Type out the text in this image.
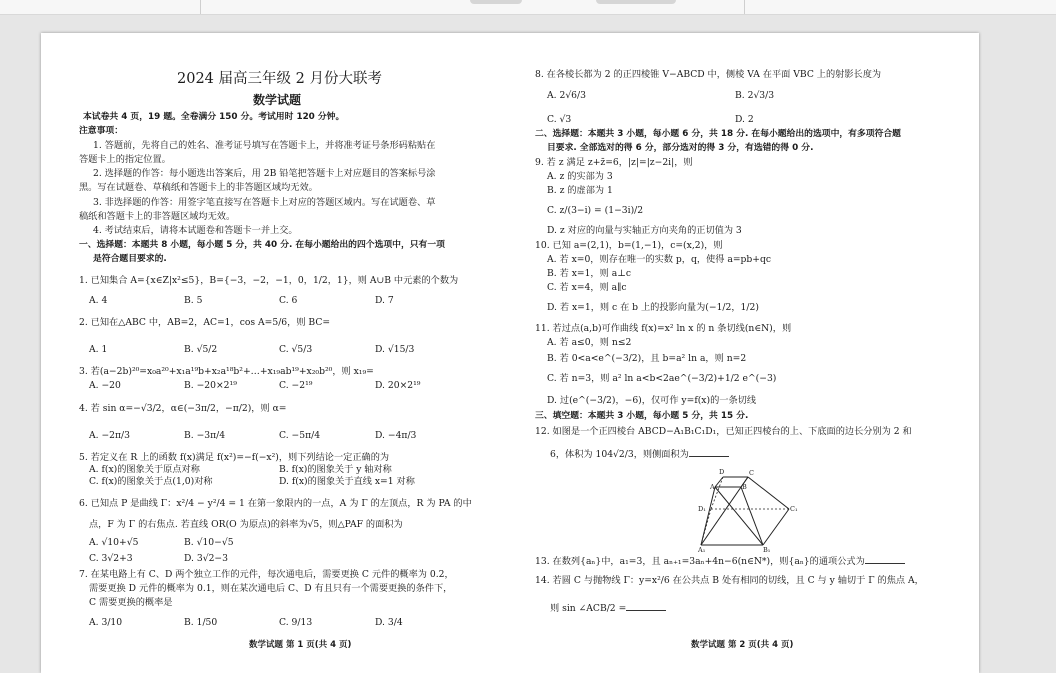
2024 届高三年级 2 月份大联考
数学试题
本试卷共 4 页，19 题。全卷满分 150 分。考试用时 120 分钟。
注意事项：
1. 答题前，先将自己的姓名、准考证号填写在答题卡上，并将准考证号条形码粘贴在
答题卡上的指定位置。
2. 选择题的作答：每小题选出答案后，用 2B 铅笔把答题卡上对应题目的答案标号涂
黑。写在试题卷、草稿纸和答题卡上的非答题区域均无效。
3. 非选择题的作答：用签字笔直接写在答题卡上对应的答题区域内。写在试题卷、草
稿纸和答题卡上的非答题区域均无效。
4. 考试结束后，请将本试题卷和答题卡一并上交。
一、选择题：本题共 8 小题，每小题 5 分，共 40 分. 在每小题给出的四个选项中，只有一项
是符合题目要求的.
1. 已知集合 A={x∈Z|x²≤5}，B={−3，−2，−1，0，1/2，1}，则 A∪B 中元素的个数为
A. 4	B. 5	C. 6	D. 7
2. 已知在△ABC 中，AB=2，AC=1，cos A=5/6，则 BC=
A. 1	B. √5/2	C. √5/3	D. √15/3
3. 若(a−2b)²⁰=x₀a²⁰+x₁a¹⁹b+x₂a¹⁸b²+…+x₁₉ab¹⁹+x₂₀b²⁰，则 x₁₉=
A. −20	B. −20×2¹⁹	C. −2¹⁹	D. 20×2¹⁹
4. 若 sin α=−√3/2，α∈(−3π/2，−π/2)，则 α=
A. −2π/3	B. −3π/4	C. −5π/4	D. −4π/3
5. 若定义在 R 上的函数 f(x)满足 f(x²)=−f(−x²)，则下列结论一定正确的为
A. f(x)的图象关于原点对称	B. f(x)的图象关于 y 轴对称
C. f(x)的图象关于点(1,0)对称	D. f(x)的图象关于直线 x=1 对称
6. 已知点 P 是曲线 Γ：x²/4 − y²/4 = 1 在第一象限内的一点，A 为 Γ 的左顶点，R 为 PA 的中
点，F 为 Γ 的右焦点. 若直线 OR(O 为原点)的斜率为√5，则△PAF 的面积为
A. √10+√5	B. √10−√5
C. 3√2+3	D. 3√2−3
7. 在某电路上有 C、D 两个独立工作的元件，每次通电后，需要更换 C 元件的概率为 0.2，
需要更换 D 元件的概率为 0.1，则在某次通电后 C、D 有且只有一个需要更换的条件下，
C 需要更换的概率是
A. 3/10	B. 1/50	C. 9/13	D. 3/4
数学试题 第 1 页(共 4 页)
8. 在各棱长都为 2 的正四棱锥 V−ABCD 中，侧棱 VA 在平面 VBC 上的射影长度为
A. 2√6/3	B. 2√3/3
C. √3	D. 2
二、选择题：本题共 3 小题，每小题 6 分，共 18 分. 在每小题给出的选项中，有多项符合题
目要求. 全部选对的得 6 分，部分选对的得 3 分，有选错的得 0 分.
9. 若 z 满足 z+z̄=6，|z|=|z−2i|，则
A. z 的实部为 3
B. z 的虚部为 1
C. z/(3−i) = (1−3i)/2
D. z 对应的向量与实轴正方向夹角的正切值为 3
10. 已知 a=(2,1)，b=(1,−1)，c=(x,2)，则
A. 若 x=0，则存在唯一的实数 p，q，使得 a=pb+qc
B. 若 x=1，则 a⊥c
C. 若 x=4，则 a∥c
D. 若 x=1，则 c 在 b 上的投影向量为(−1/2，1/2)
11. 若过点(a,b)可作曲线 f(x)=x² ln x 的 n 条切线(n∈N)，则
A. 若 a≤0，则 n≤2
B. 若 0<a<e^(−3/2)，且 b=a² ln a，则 n=2
C. 若 n=3，则 a² ln a<b<2ae^(−3/2)+1/2 e^(−3)
D. 过(e^(−3/2)，−6)，仅可作 y=f(x)的一条切线
三、填空题：本题共 3 小题，每小题 5 分，共 15 分.
12. 如图是一个正四棱台 ABCD−A₁B₁C₁D₁，已知正四棱台的上、下底面的边长分别为 2 和
6，体积为 104√2/3，则侧面积为
D	C
A	B
D₁	C₁
A₁	B₁
13. 在数列{aₙ}中，a₁=3，且 aₙ₊₁=3aₙ+4n−6(n∈N*)，则{aₙ}的通项公式为
14. 若圆 C 与抛物线 Γ：y=x²/6 在公共点 B 处有相同的切线，且 C 与 y 轴切于 Γ 的焦点 A，
则 sin ∠ACB/2 =
数学试题 第 2 页(共 4 页)
